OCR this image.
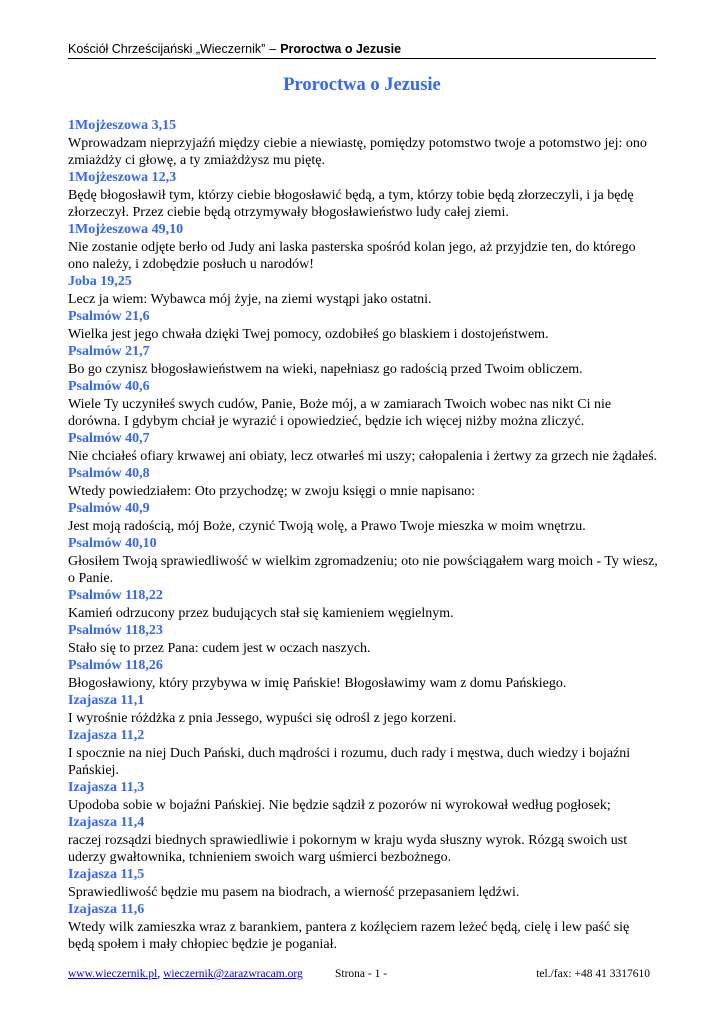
Kościół Chrześcijański „Wieczernik” – Proroctwa o Jezusie
Proroctwa o Jezusie
1Mojżeszowa 3,15
Wprowadzam nieprzyjaźń między ciebie a niewiastę, pomiędzy potomstwo twoje a potomstwo jej: ono zmiażdży ci głowę, a ty zmiażdżysz mu piętę.
1Mojżeszowa 12,3
Będę błogosławił tym, którzy ciebie błogosławić będą, a tym, którzy tobie będą złorzeczyli, i ja będę złorzeczył. Przez ciebie będą otrzymywały błogosławieństwo ludy całej ziemi.
1Mojżeszowa 49,10
Nie zostanie odjęte berło od Judy ani laska pasterska spośród kolan jego, aż przyjdzie ten, do którego ono należy, i zdobędzie posłuch u narodów!
Joba 19,25
Lecz ja wiem: Wybawca mój żyje, na ziemi wystąpi jako ostatni.
Psalmów 21,6
Wielka jest jego chwała dzięki Twej pomocy, ozdobiłeś go blaskiem i dostojeństwem.
Psalmów 21,7
Bo go czynisz błogosławieństwem na wieki, napełniasz go radością przed Twoim obliczem.
Psalmów 40,6
Wiele Ty uczyniłeś swych cudów, Panie, Boże mój, a w zamiarach Twoich wobec nas nikt Ci nie dorówna. I gdybym chciał je wyrazić i opowiedzieć, będzie ich więcej niżby można zliczyć.
Psalmów 40,7
Nie chciałeś ofiary krwawej ani obiaty, lecz otwarłeś mi uszy; całopalenia i żertwy za grzech nie żądałeś.
Psalmów 40,8
Wtedy powiedziałem: Oto przychodzę; w zwoju księgi o mnie napisano:
Psalmów 40,9
Jest moją radością, mój Boże, czynić Twoją wolę, a Prawo Twoje mieszka w moim wnętrzu.
Psalmów 40,10
Głosiłem Twoją sprawiedliwość w wielkim zgromadzeniu; oto nie powściągałem warg moich - Ty wiesz, o Panie.
Psalmów 118,22
Kamień odrzucony przez budujących stał się kamieniem węgielnym.
Psalmów 118,23
Stało się to przez Pana: cudem jest w oczach naszych.
Psalmów 118,26
Błogosławiony, który przybywa w imię Pańskie! Błogosławimy wam z domu Pańskiego.
Izajasza 11,1
I wyrośnie różdżka z pnia Jessego, wypuści się odrośl z jego korzeni.
Izajasza 11,2
I spocznie na niej Duch Pański, duch mądrości i rozumu, duch rady i męstwa, duch wiedzy i bojaźni Pańskiej.
Izajasza 11,3
Upodoba sobie w bojaźni Pańskiej. Nie będzie sądził z pozorów ni wyrokował według pogłosek;
Izajasza 11,4
raczej rozsądzi biednych sprawiedliwie i pokornym w kraju wyda słuszny wyrok. Rózgą swoich ust uderzy gwałtownika, tchnieniem swoich warg uśmierci bezbożnego.
Izajasza 11,5
Sprawiedliwość będzie mu pasem na biodrach, a wierność przepasaniem lędźwi.
Izajasza 11,6
Wtedy wilk zamieszka wraz z barankiem, pantera z koźlęciem razem leżeć będą, cielę i lew paść się będą społem i mały chłopiec będzie je poganiał.
www.wieczernik.pl, wieczernik@zarazwracam.org	Strona - 1 -	tel./fax: +48 41 3317610
